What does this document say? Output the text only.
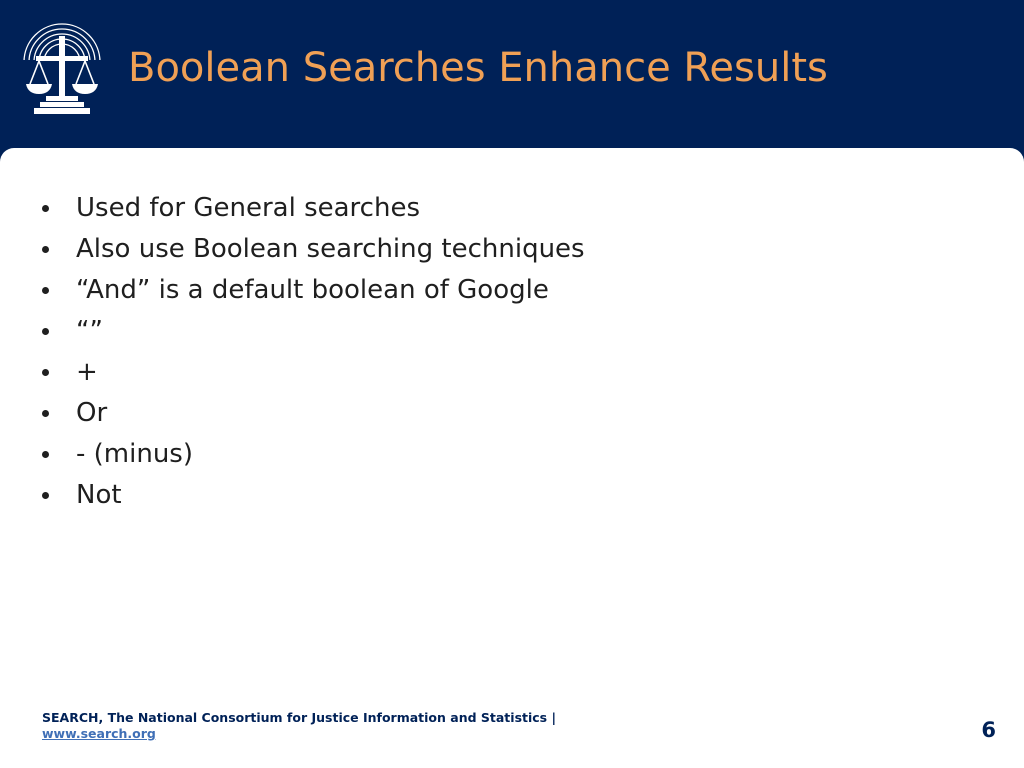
Boolean Searches Enhance Results
Used for General searches
Also use Boolean searching techniques
“And” is a default boolean of Google
“”
+
Or
- (minus)
Not
SEARCH, The National Consortium for Justice Information and Statistics |
www.search.org	6
